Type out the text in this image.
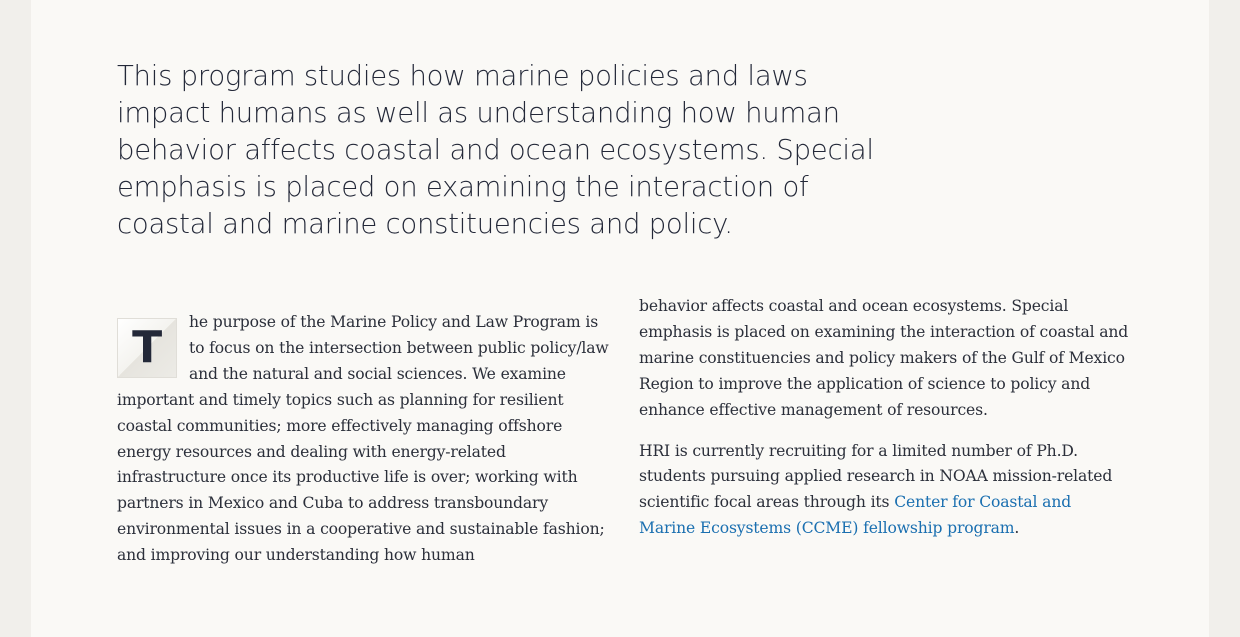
This program studies how marine policies and laws impact humans as well as understanding how human behavior affects coastal and ocean ecosystems. Special emphasis is placed on examining the interaction of coastal and marine constituencies and policy.

T	he purpose of the Marine Policy and Law Program is to focus on the intersection between public policy/law and the natural and social sciences. We examine important and timely topics such as planning for resilient coastal communities; more effectively managing offshore energy resources and dealing with energy-related infrastructure once its productive life is over; working with partners in Mexico and Cuba to address transboundary environmental issues in a cooperative and sustainable fashion; and improving our understanding how human

behavior affects coastal and ocean ecosystems. Special emphasis is placed on examining the interaction of coastal and marine constituencies and policy makers of the Gulf of Mexico Region to improve the application of science to policy and enhance effective management of resources.

HRI is currently recruiting for a limited number of Ph.D. students pursuing applied research in NOAA mission-related scientific focal areas through its Center for Coastal and Marine Ecosystems (CCME) fellowship program.
